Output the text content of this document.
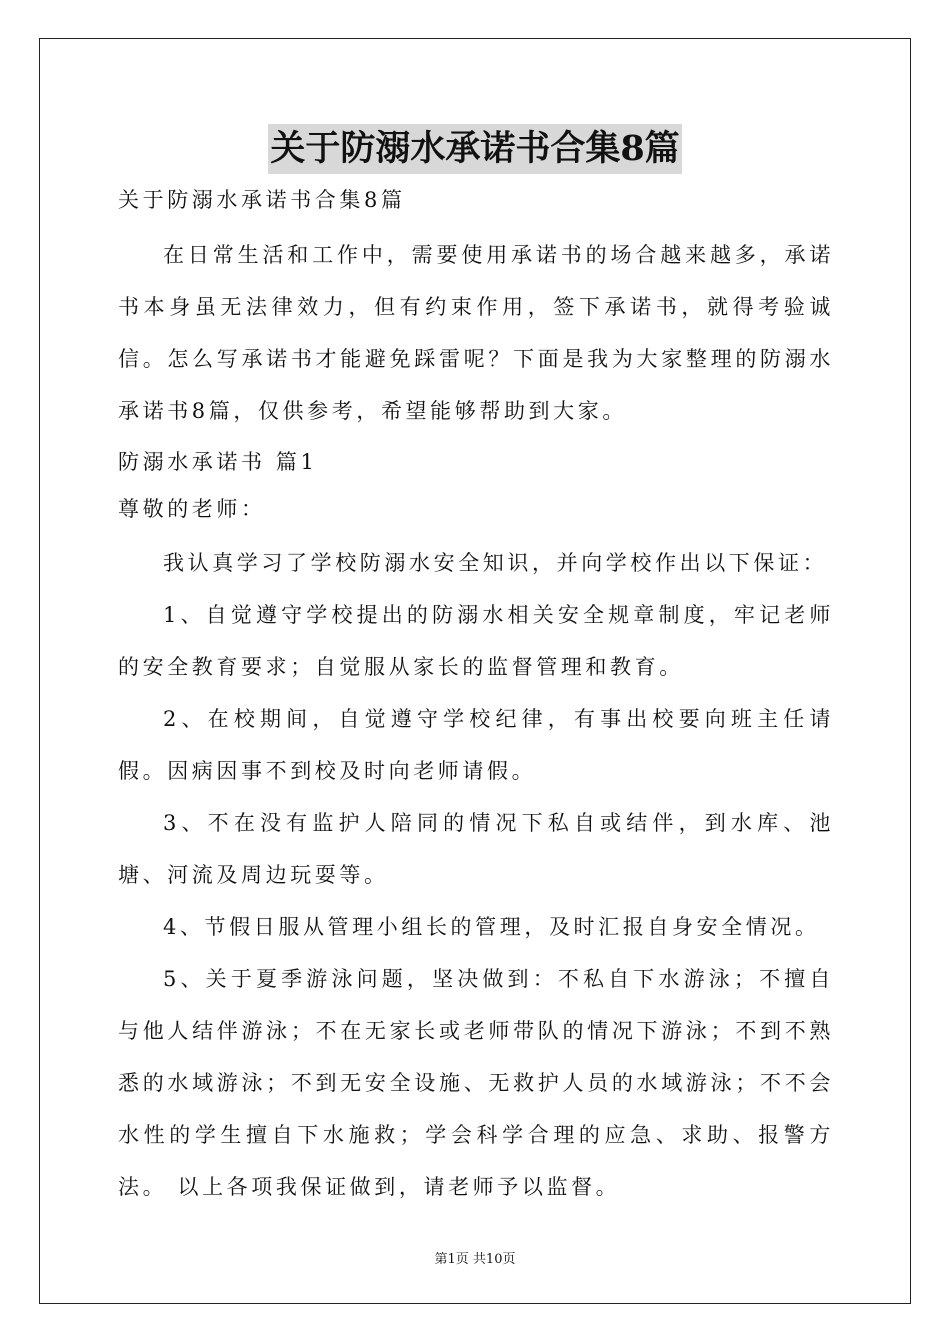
关于防溺水承诺书合集8篇

关于防溺水承诺书合集8篇

在日常生活和工作中，需要使用承诺书的场合越来越多，承诺书本身虽无法律效力，但有约束作用，签下承诺书，就得考验诚信。怎么写承诺书才能避免踩雷呢？下面是我为大家整理的防溺水承诺书8篇，仅供参考，希望能够帮助到大家。

防溺水承诺书 篇1

尊敬的老师：

我认真学习了学校防溺水安全知识，并向学校作出以下保证：

1、自觉遵守学校提出的防溺水相关安全规章制度，牢记老师的安全教育要求；自觉服从家长的监督管理和教育。

2、在校期间，自觉遵守学校纪律，有事出校要向班主任请假。因病因事不到校及时向老师请假。

3、不在没有监护人陪同的情况下私自或结伴，到水库、池塘、河流及周边玩耍等。

4、节假日服从管理小组长的管理，及时汇报自身安全情况。

5、关于夏季游泳问题，坚决做到：不私自下水游泳；不擅自与他人结伴游泳；不在无家长或老师带队的情况下游泳；不到不熟悉的水域游泳；不到无安全设施、无救护人员的水域游泳；不不会水性的学生擅自下水施救；学会科学合理的应急、求助、报警方法。 以上各项我保证做到，请老师予以监督。

第1页 共10页
